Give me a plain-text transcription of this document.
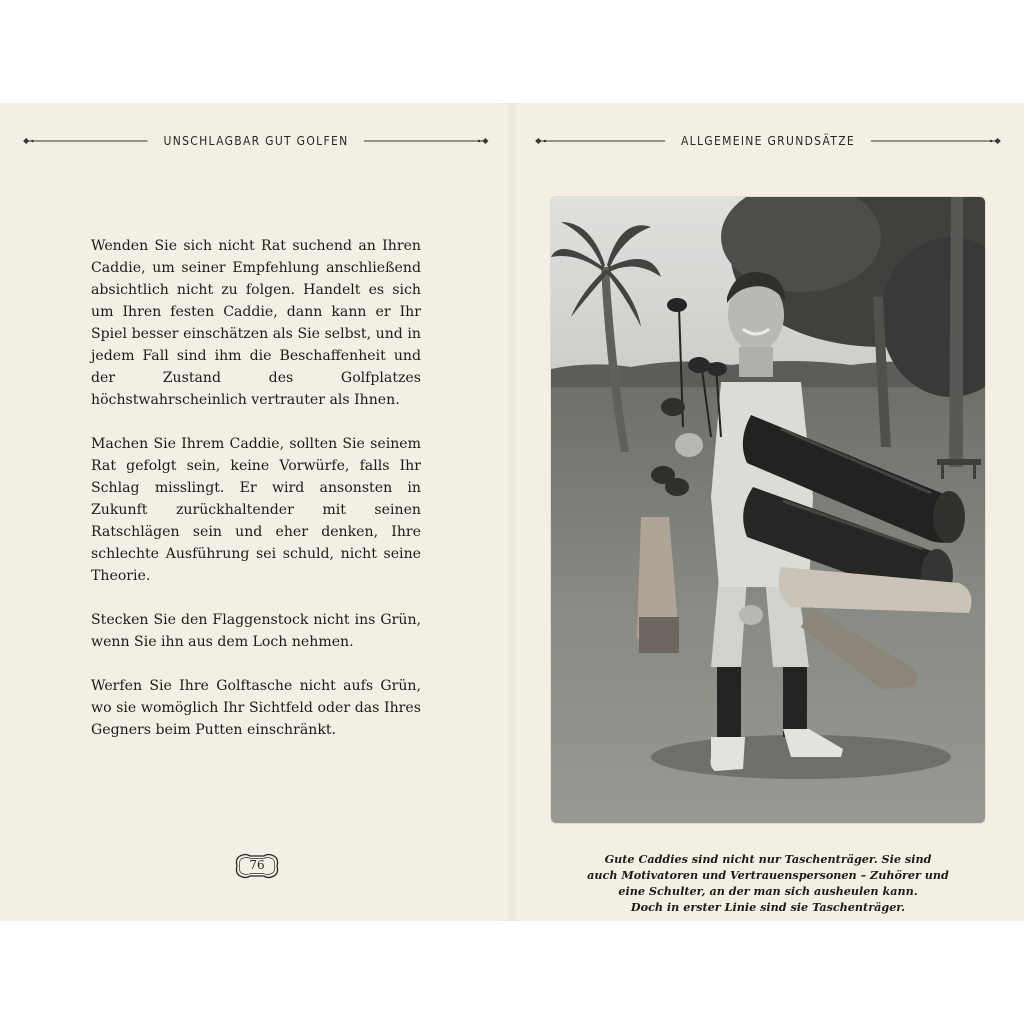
UNSCHLAGBAR GUT GOLFEN

Wenden Sie sich nicht Rat suchend an Ihren Caddie, um seiner Empfehlung anschließend absichtlich nicht zu folgen. Handelt es sich um Ihren festen Caddie, dann kann er Ihr Spiel besser einschätzen als Sie selbst, und in jedem Fall sind ihm die Beschaffenheit und der Zustand des Golfplatzes höchstwahrscheinlich vertrauter als Ihnen.

Machen Sie Ihrem Caddie, sollten Sie seinem Rat gefolgt sein, keine Vorwürfe, falls Ihr Schlag misslingt. Er wird ansonsten in Zukunft zurückhaltender mit seinen Ratschlägen sein und eher denken, Ihre schlechte Ausführung sei schuld, nicht seine Theorie.

Stecken Sie den Flaggenstock nicht ins Grün, wenn Sie ihn aus dem Loch nehmen.

Werfen Sie Ihre Golftasche nicht aufs Grün, wo sie womöglich Ihr Sichtfeld oder das Ihres Gegners beim Putten einschränkt.

76
ALLGEMEINE GRUNDSÄTZE
Gute Caddies sind nicht nur Taschenträger. Sie sind
auch Motivatoren und Vertrauenspersonen – Zuhörer und
eine Schulter, an der man sich ausheulen kann.
Doch in erster Linie sind sie Taschenträger.
